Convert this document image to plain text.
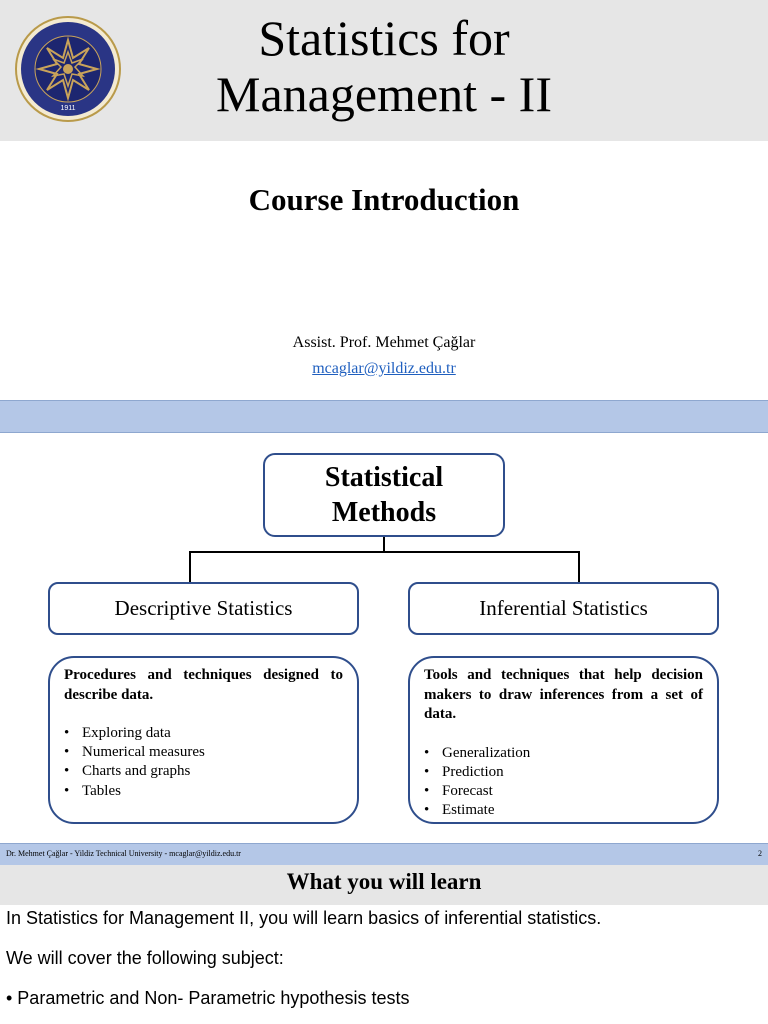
1911
Statistics for
Management - II
Course Introduction
Assist. Prof. Mehmet Çağlar
mcaglar@yildiz.edu.tr
Statistical
Methods
Descriptive Statistics	Inferential Statistics
Procedures and techniques designed to describe data.
• Exploring data
• Numerical measures
• Charts and graphs
• Tables
Tools and techniques that help decision makers to draw inferences from a set of data.
• Generalization
• Prediction
• Forecast
• Estimate
Dr. Mehmet Çağlar - Yildiz Technical University - mcaglar@yildiz.edu.tr	2
What you will learn
In Statistics for Management II, you will learn basics of inferential statistics.
We will cover the following subject:
• Parametric and Non- Parametric hypothesis tests
